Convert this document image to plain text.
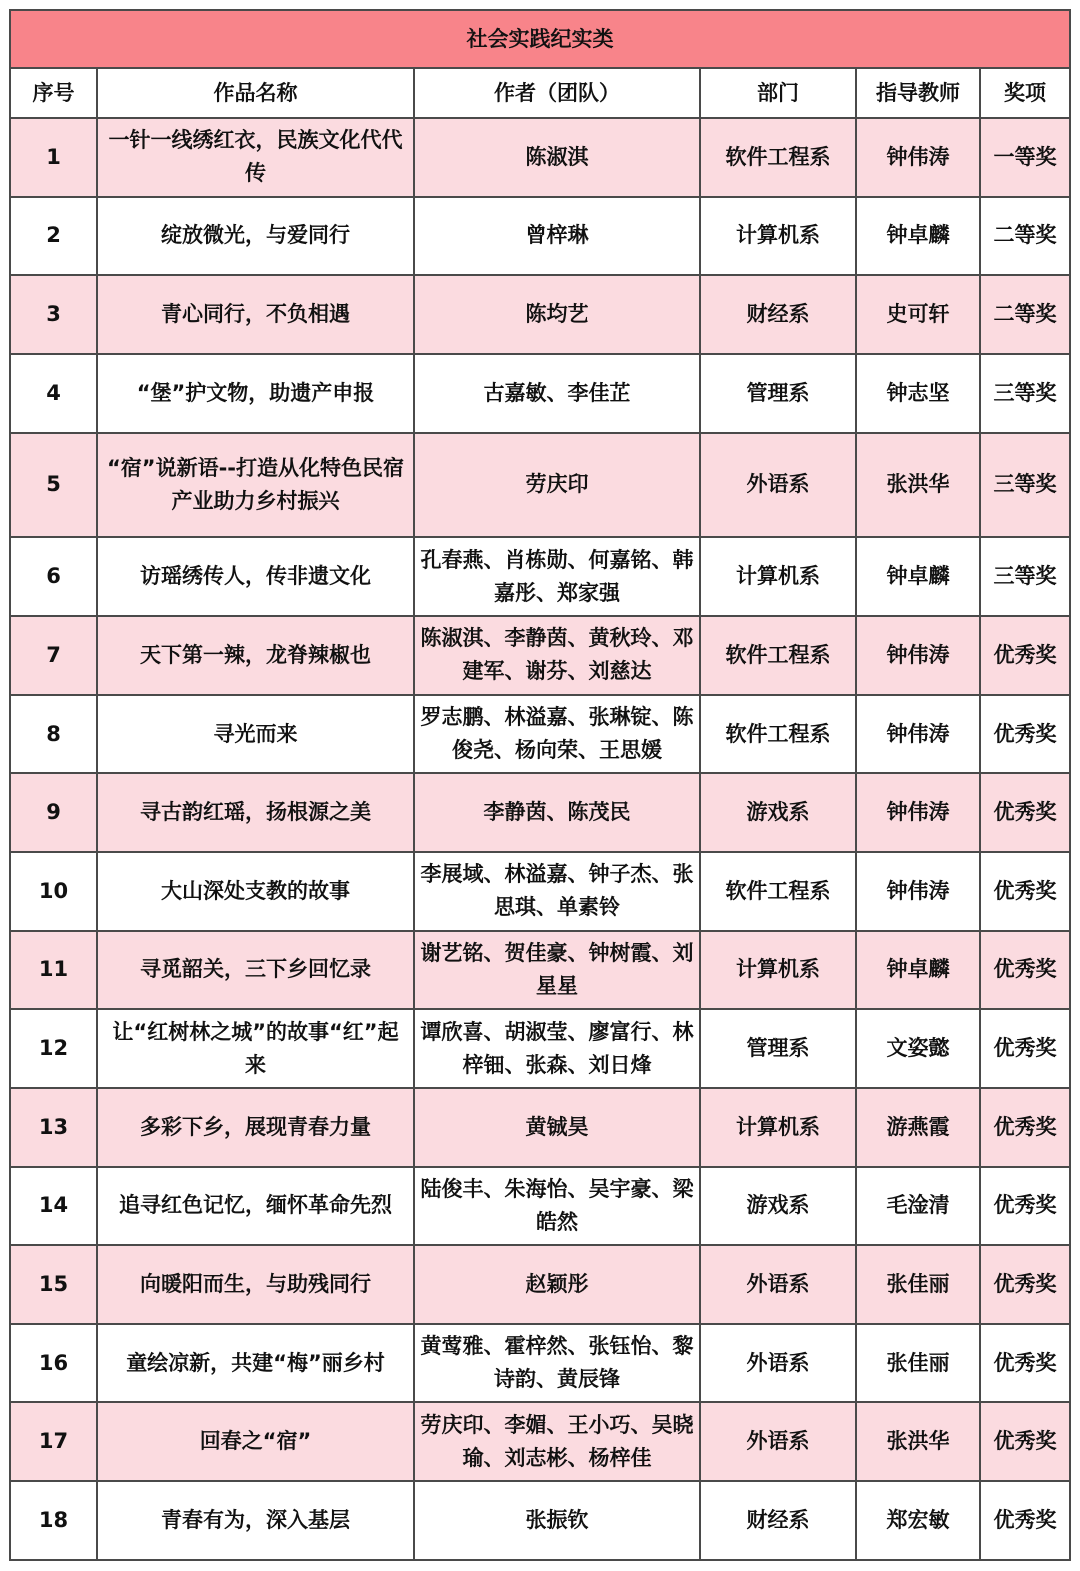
社会实践纪实类					
序号	作品名称	作者（团队）	部门	指导教师	奖项
1	一针一线绣红衣，民族文化代代传	陈淑淇	软件工程系	钟伟涛	一等奖
2	绽放微光，与爱同行	曾梓琳	计算机系	钟卓麟	二等奖
3	青心同行，不负相遇	陈均艺	财经系	史可轩	二等奖
4	“堡”护文物，助遗产申报	古嘉敏、李佳芷	管理系	钟志坚	三等奖
5	“宿”说新语--打造从化特色民宿产业助力乡村振兴	劳庆印	外语系	张洪华	三等奖
6	访瑶绣传人，传非遗文化	孔春燕、肖栋勋、何嘉铭、韩嘉彤、郑家强	计算机系	钟卓麟	三等奖
7	天下第一辣，龙脊辣椒也	陈淑淇、李静茵、黄秋玲、邓建军、谢芬、刘慈达	软件工程系	钟伟涛	优秀奖
8	寻光而来	罗志鹏、林溢嘉、张琳锭、陈俊尧、杨向荣、王思媛	软件工程系	钟伟涛	优秀奖
9	寻古韵红瑶，扬根源之美	李静茵、陈茂民	游戏系	钟伟涛	优秀奖
10	大山深处支教的故事	李展域、林溢嘉、钟子杰、张思琪、单素铃	软件工程系	钟伟涛	优秀奖
11	寻觅韶关，三下乡回忆录	谢艺铭、贺佳豪、钟树霞、刘星星	计算机系	钟卓麟	优秀奖
12	让“红树林之城”的故事“红”起来	谭欣喜、胡淑莹、廖富行、林梓钿、张森、刘日烽	管理系	文姿懿	优秀奖
13	多彩下乡，展现青春力量	黄铖昊	计算机系	游燕霞	优秀奖
14	追寻红色记忆，缅怀革命先烈	陆俊丰、朱海怡、吴宇豪、梁皓然	游戏系	毛淦清	优秀奖
15	向暖阳而生，与助残同行	赵颖彤	外语系	张佳丽	优秀奖
16	童绘凉新，共建“梅”丽乡村	黄莺雅、霍梓然、张钰怡、黎诗韵、黄辰锋	外语系	张佳丽	优秀奖
17	回春之“宿”	劳庆印、李媚、王小巧、吴晓瑜、刘志彬、杨梓佳	外语系	张洪华	优秀奖
18	青春有为，深入基层	张振钦	财经系	郑宏敏	优秀奖
